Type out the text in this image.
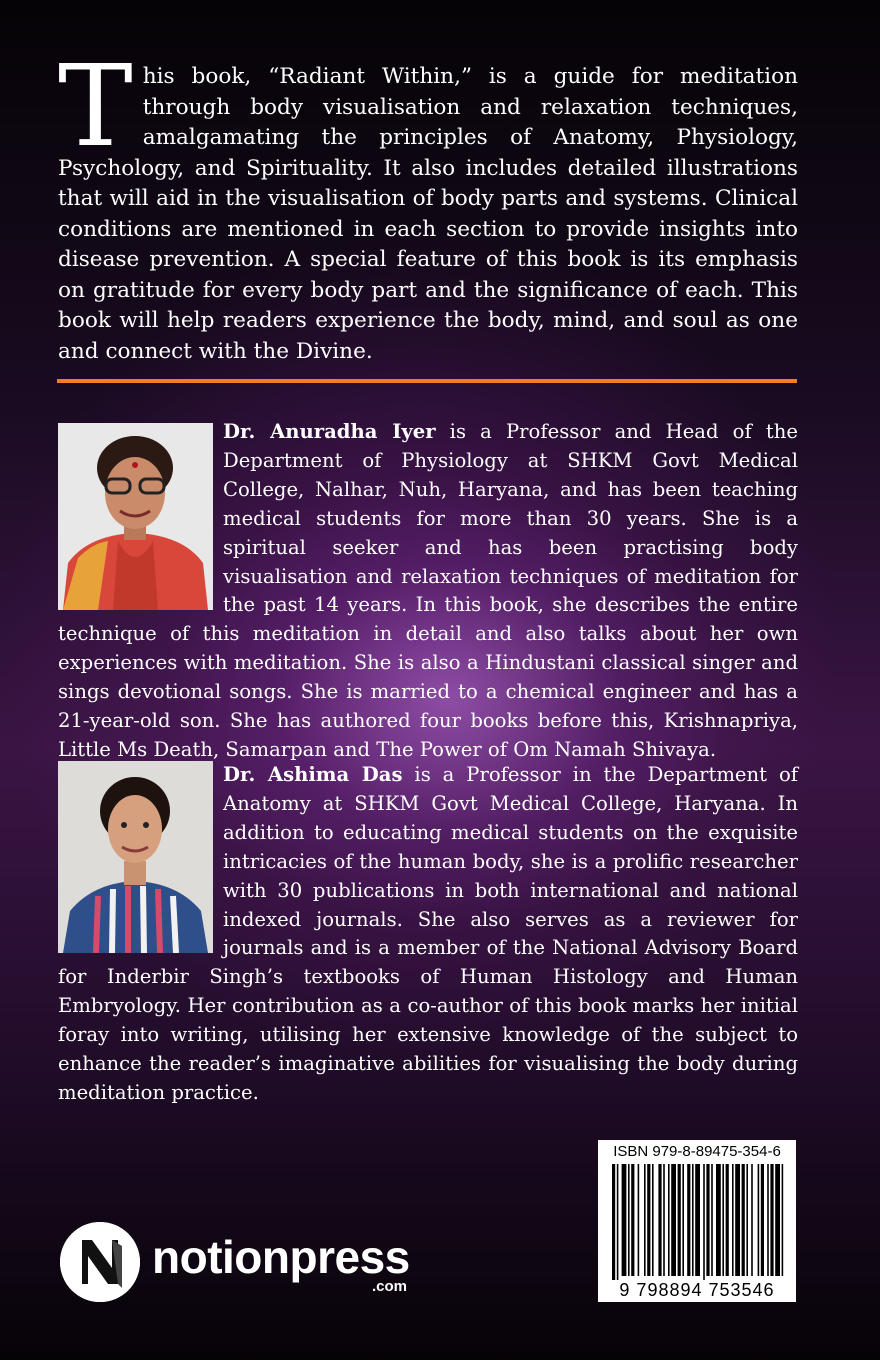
This book, “Radiant Within,” is a guide for meditation through body visualisation and relaxation techniques, amalgamating the principles of Anatomy, Physiology, Psychology, and Spirituality. It also includes detailed illustrations that will aid in the visualisation of body parts and systems. Clinical conditions are mentioned in each section to provide insights into disease prevention. A special feature of this book is its emphasis on gratitude for every body part and the significance of each. This book will help readers experience the body, mind, and soul as one and connect with the Divine.
Dr. Anuradha Iyer is a Professor and Head of the Department of Physiology at SHKM Govt Medical College, Nalhar, Nuh, Haryana, and has been teaching medical students for more than 30 years. She is a spiritual seeker and has been practising body visualisation and relaxation techniques of meditation for the past 14 years. In this book, she describes the entire technique of this meditation in detail and also talks about her own experiences with meditation. She is also a Hindustani classical singer and sings devotional songs. She is married to a chemical engineer and has a 21-year-old son. She has authored four books before this, Krishnapriya, Little Ms Death, Samarpan and The Power of Om Namah Shivaya.
Dr. Ashima Das is a Professor in the Department of Anatomy at SHKM Govt Medical College, Haryana. In addition to educating medical students on the exquisite intricacies of the human body, she is a prolific researcher with 30 publications in both international and national indexed journals. She also serves as a reviewer for journals and is a member of the National Advisory Board for Inderbir Singh’s textbooks of Human Histology and Human Embryology. Her contribution as a co-author of this book marks her initial foray into writing, utilising her extensive knowledge of the subject to enhance the reader’s imaginative abilities for visualising the body during meditation practice.
notionpress
.com
ISBN 979-8-89475-354-6
9 798894 753546
